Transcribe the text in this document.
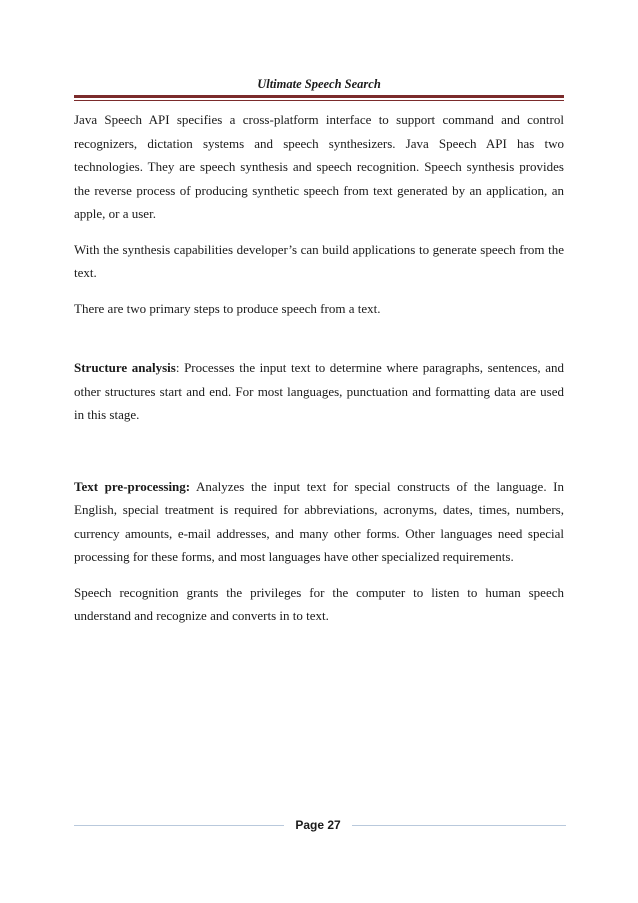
Ultimate Speech Search

Java Speech API specifies a cross-platform interface to support command and control recognizers, dictation systems and speech synthesizers. Java Speech API has two technologies. They are speech synthesis and speech recognition. Speech synthesis provides the reverse process of producing synthetic speech from text generated by an application, an apple, or a user.

With the synthesis capabilities developer’s can build applications to generate speech from the text.

There are two primary steps to produce speech from a text.

Structure analysis: Processes the input text to determine where paragraphs, sentences, and other structures start and end. For most languages, punctuation and formatting data are used in this stage.

Text pre-processing: Analyzes the input text for special constructs of the language. In English, special treatment is required for abbreviations, acronyms, dates, times, numbers, currency amounts, e-mail addresses, and many other forms. Other languages need special processing for these forms, and most languages have other specialized requirements.

Speech recognition grants the privileges for the computer to listen to human speech understand and recognize and converts in to text.

Page 27
